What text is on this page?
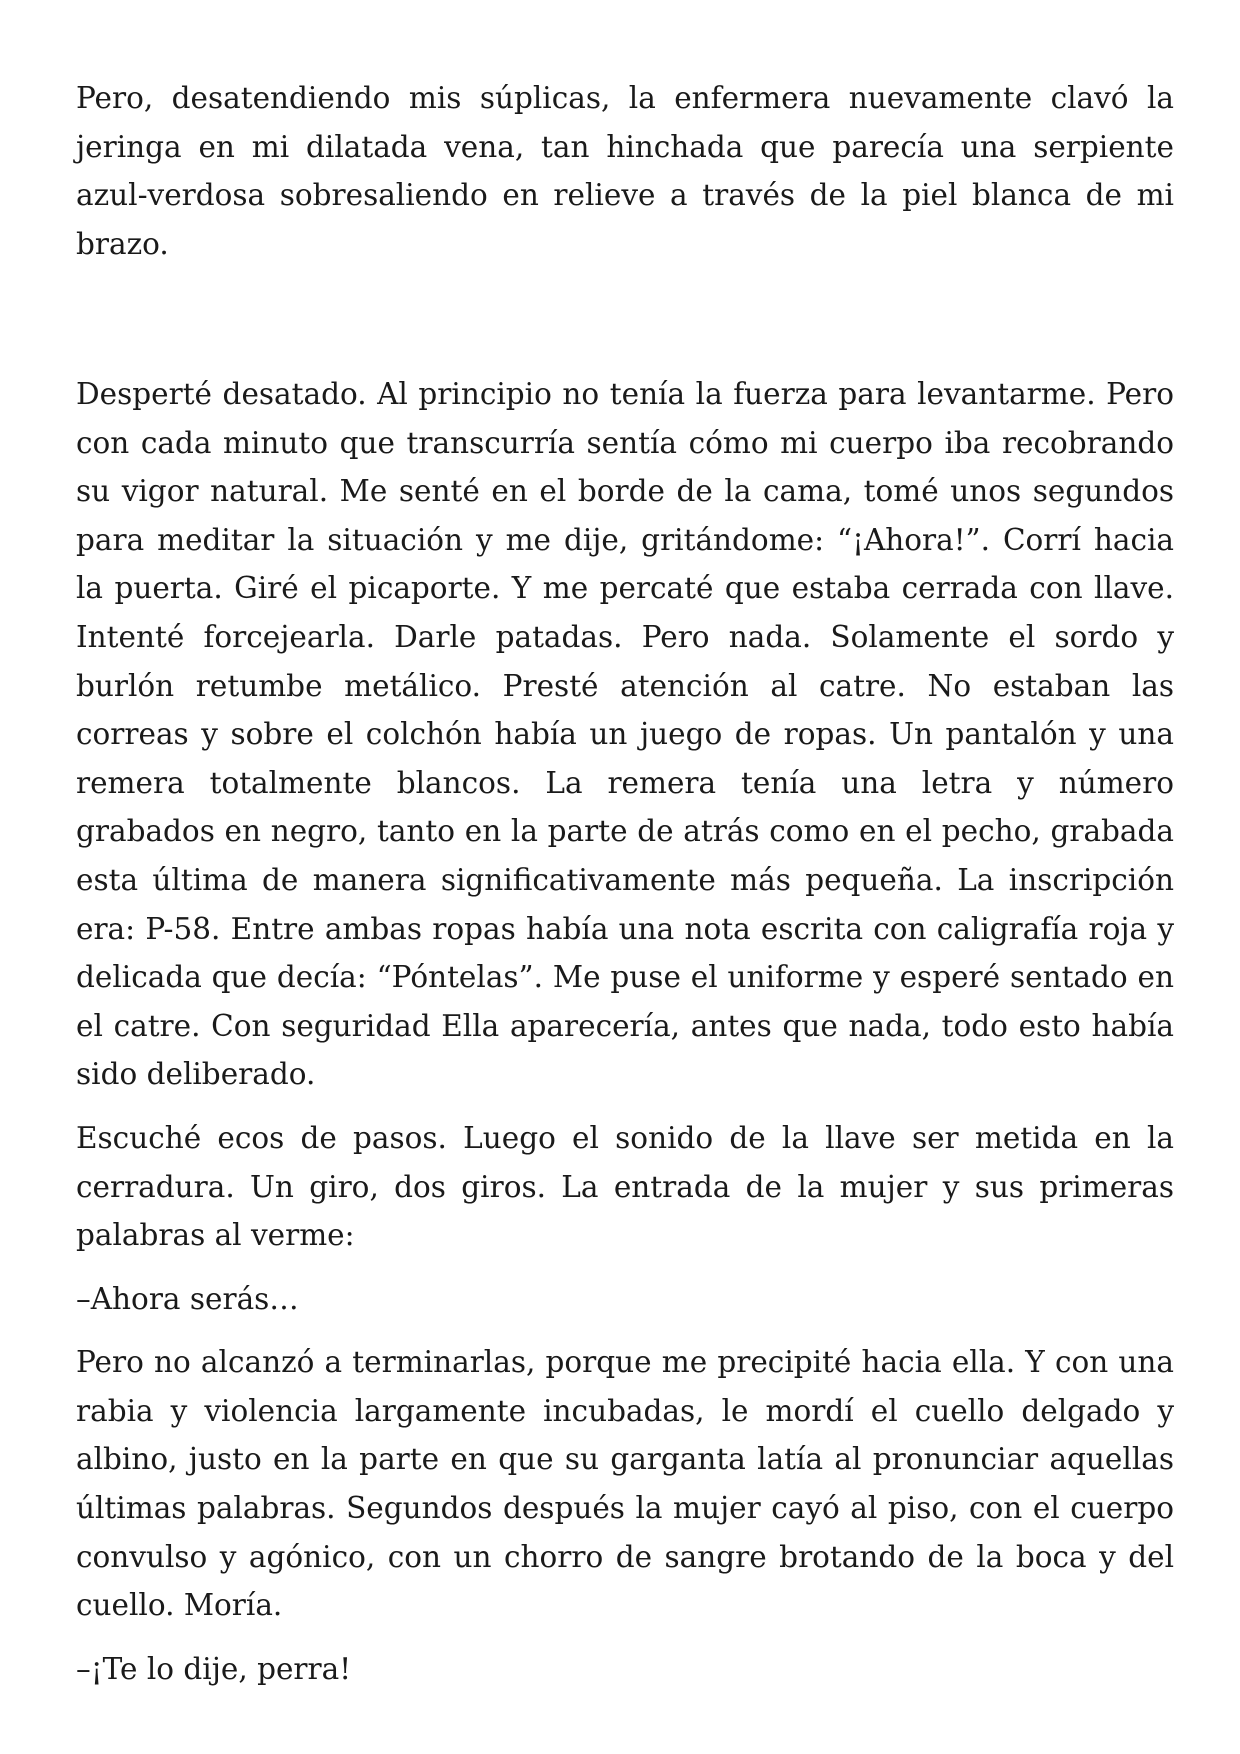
Pero, desatendiendo mis súplicas, la enfermera nuevamente clavó la jeringa en mi dilatada vena, tan hinchada que parecía una serpiente azul-verdosa sobresaliendo en relieve a través de la piel blanca de mi brazo.

Desperté desatado. Al principio no tenía la fuerza para levantarme. Pero con cada minuto que transcurría sentía cómo mi cuerpo iba recobrando su vigor natural. Me senté en el borde de la cama, tomé unos segundos para meditar la situación y me dije, gritándome: “¡Ahora!”. Corrí hacia la puerta. Giré el picaporte. Y me percaté que estaba cerrada con llave. Intenté forcejearla. Darle patadas. Pero nada. Solamente el sordo y burlón retumbe metálico. Presté atención al catre. No estaban las correas y sobre el colchón había un juego de ropas. Un pantalón y una remera totalmente blancos. La remera tenía una letra y número grabados en negro, tanto en la parte de atrás como en el pecho, grabada esta última de manera significativamente más pequeña. La inscripción era: P-58. Entre ambas ropas había una nota escrita con caligrafía roja y delicada que decía: “Póntelas”. Me puse el uniforme y esperé sentado en el catre. Con seguridad Ella aparecería, antes que nada, todo esto había sido deliberado.

Escuché ecos de pasos. Luego el sonido de la llave ser metida en la cerradura. Un giro, dos giros. La entrada de la mujer y sus primeras palabras al verme:

–Ahora serás…

Pero no alcanzó a terminarlas, porque me precipité hacia ella. Y con una rabia y violencia largamente incubadas, le mordí el cuello delgado y albino, justo en la parte en que su garganta latía al pronunciar aquellas últimas palabras. Segundos después la mujer cayó al piso, con el cuerpo convulso y agónico, con un chorro de sangre brotando de la boca y del cuello. Moría.

–¡Te lo dije, perra!
